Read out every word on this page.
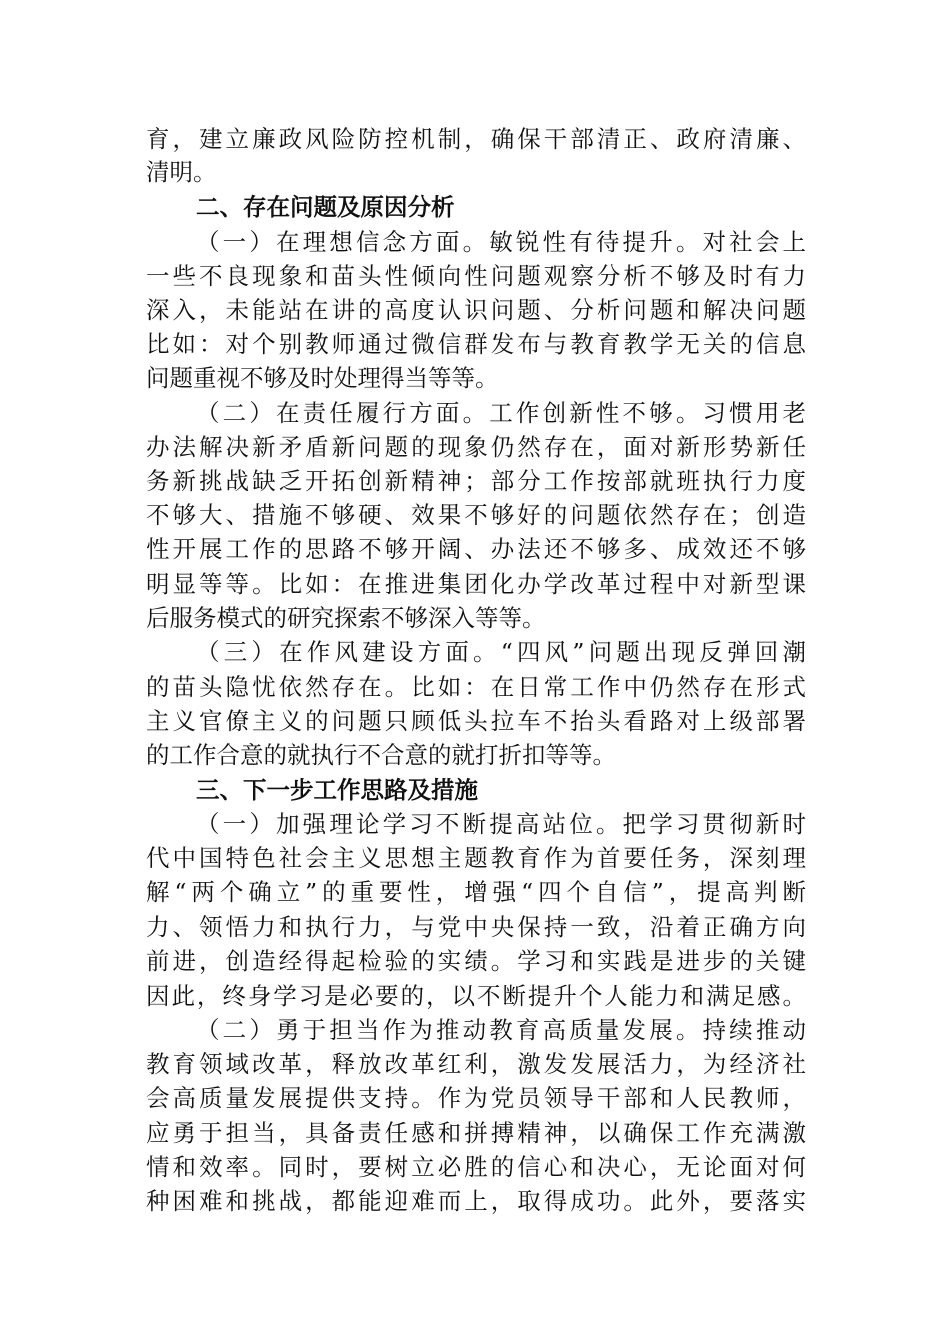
育，建立廉政风险防控机制，确保干部清正、政府清廉、
清明。
二、存在问题及原因分析
（一）在理想信念方面。敏锐性有待提升。对社会上
一些不良现象和苗头性倾向性问题观察分析不够及时有力
深入，未能站在讲的高度认识问题、分析问题和解决问题
比如：对个别教师通过微信群发布与教育教学无关的信息
问题重视不够及时处理得当等等。
（二）在责任履行方面。工作创新性不够。习惯用老
办法解决新矛盾新问题的现象仍然存在，面对新形势新任
务新挑战缺乏开拓创新精神；部分工作按部就班执行力度
不够大、措施不够硬、效果不够好的问题依然存在；创造
性开展工作的思路不够开阔、办法还不够多、成效还不够
明显等等。比如：在推进集团化办学改革过程中对新型课
后服务模式的研究探索不够深入等等。
（三）在作风建设方面。“四风”问题出现反弹回潮
的苗头隐忧依然存在。比如：在日常工作中仍然存在形式
主义官僚主义的问题只顾低头拉车不抬头看路对上级部署
的工作合意的就执行不合意的就打折扣等等。
三、下一步工作思路及措施
（一）加强理论学习不断提高站位。把学习贯彻新时
代中国特色社会主义思想主题教育作为首要任务，深刻理
解“两个确立”的重要性，增强“四个自信”，提高判断
力、领悟力和执行力，与党中央保持一致，沿着正确方向
前进，创造经得起检验的实绩。学习和实践是进步的关键
因此，终身学习是必要的，以不断提升个人能力和满足感。
（二）勇于担当作为推动教育高质量发展。持续推动
教育领域改革，释放改革红利，激发发展活力，为经济社
会高质量发展提供支持。作为党员领导干部和人民教师，
应勇于担当，具备责任感和拼搏精神，以确保工作充满激
情和效率。同时，要树立必胜的信心和决心，无论面对何
种困难和挑战，都能迎难而上，取得成功。此外，要落实
